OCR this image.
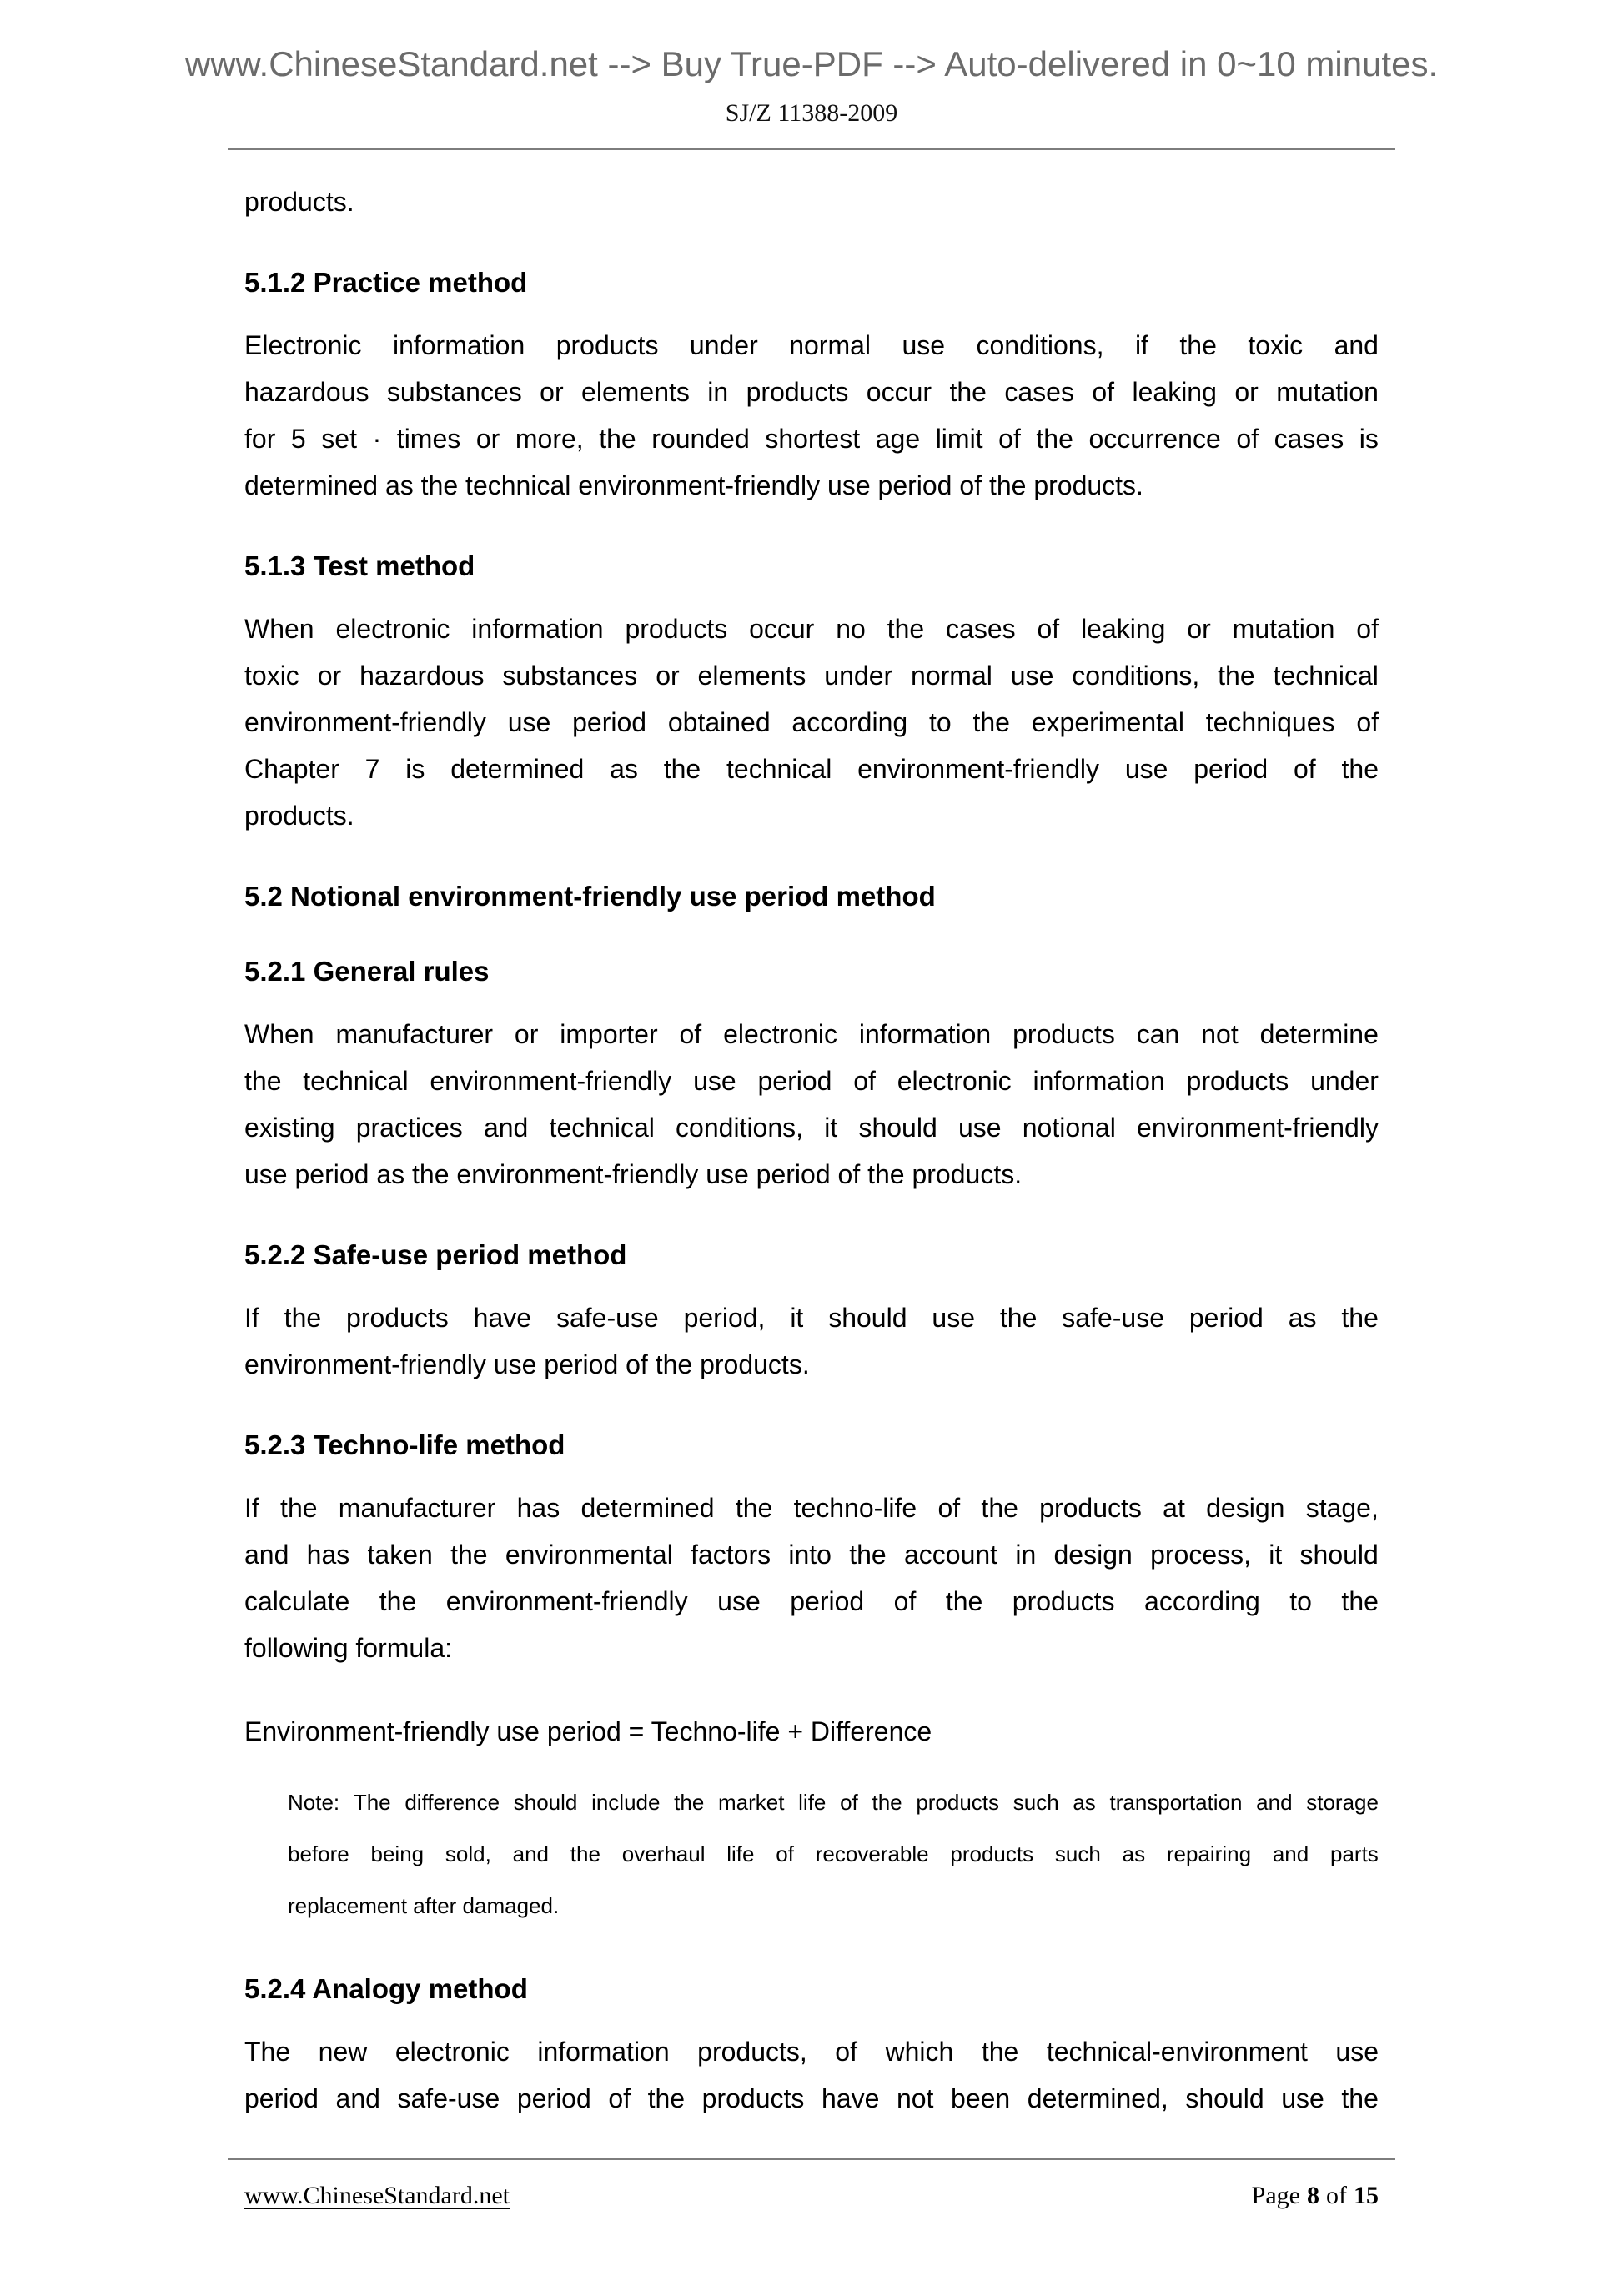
www.ChineseStandard.net --> Buy True-PDF --> Auto-delivered in 0~10 minutes.
SJ/Z 11388-2009
products.
5.1.2 Practice method
Electronic information products under normal use conditions, if the toxic and
hazardous substances or elements in products occur the cases of leaking or mutation
for 5 set · times or more, the rounded shortest age limit of the occurrence of cases is
determined as the technical environment-friendly use period of the products.
5.1.3 Test method
When electronic information products occur no the cases of leaking or mutation of
toxic or hazardous substances or elements under normal use conditions, the technical
environment-friendly use period obtained according to the experimental techniques of
Chapter 7 is determined as the technical environment-friendly use period of the
products.
5.2 Notional environment-friendly use period method
5.2.1 General rules
When manufacturer or importer of electronic information products can not determine
the technical environment-friendly use period of electronic information products under
existing practices and technical conditions, it should use notional environment-friendly
use period as the environment-friendly use period of the products.
5.2.2 Safe-use period method
If the products have safe-use period, it should use the safe-use period as the
environment-friendly use period of the products.
5.2.3 Techno-life method
If the manufacturer has determined the techno-life of the products at design stage,
and has taken the environmental factors into the account in design process, it should
calculate the environment-friendly use period of the products according to the
following formula:
Environment-friendly use period = Techno-life + Difference
Note: The difference should include the market life of the products such as transportation and storage
before being sold, and the overhaul life of recoverable products such as repairing and parts
replacement after damaged.
5.2.4 Analogy method
The new electronic information products, of which the technical-environment use
period and safe-use period of the products have not been determined, should use the
www.ChineseStandard.net	Page 8 of 15
